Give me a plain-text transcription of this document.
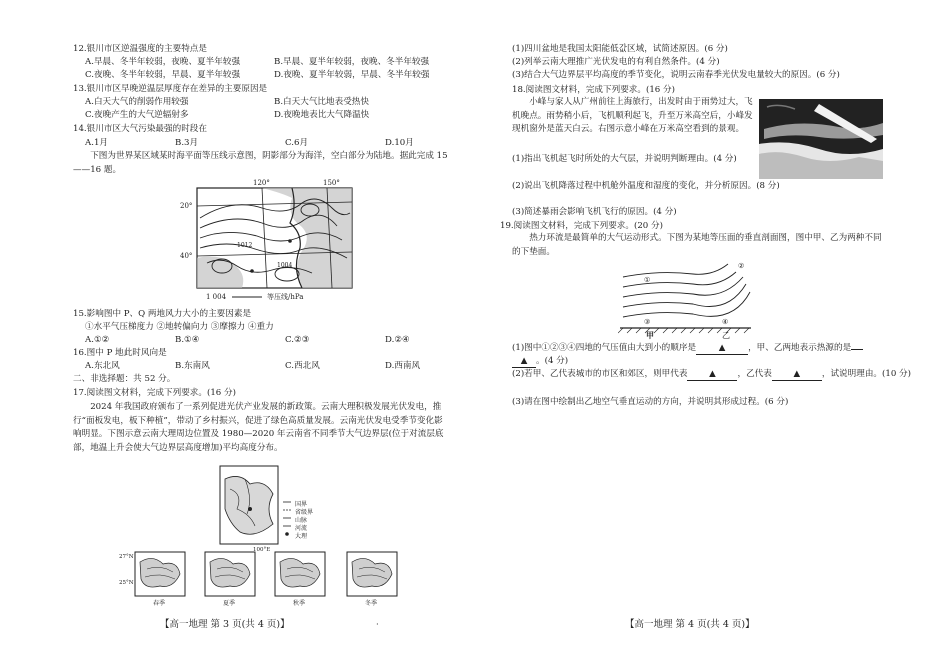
12.银川市区逆温强度的主要特点是
A.早晨、冬半年较弱，夜晚、夏半年较强	B.早晨、夏半年较弱，夜晚、冬半年较强
C.夜晚、冬半年较弱，早晨、夏半年较强	D.夜晚、夏半年较弱，早晨、冬半年较强
13.银川市区早晚逆温层厚度存在差异的主要原因是
A.白天大气的削弱作用较强	B.白天大气比地表受热快
C.夜晚产生的大气逆辐射多	D.夜晚地表比大气降温快
14.银川市区大气污染最强的时段在
A.1月	B.3月	C.6月	D.10月
下图为世界某区域某时海平面等压线示意图，阴影部分为海洋，空白部分为陆地。据此完成 15——16 题。
120°	150°
20°
40°
1012
1004
1 004	等压线/hPa
15.影响图中 P、Q 两地风力大小的主要因素是
①水平气压梯度力 ②地转偏向力 ③摩擦力 ④重力
A.①②	B.①④	C.②③	D.②④
16.图中 P 地此时风向是
A.东北风	B.东南风	C.西北风	D.西南风
二、非选择题：共 52 分。
17.阅读图文材料，完成下列要求。(16 分)
2024 年我国政府颁布了一系列促进光伏产业发展的新政策。云南大理积极发展光伏发电，推行“面板发电，板下种植”，带动了乡村振兴，促进了绿色高质量发展。云南光伏发电受季节变化影响明显。下图示意云南大理周边位置及 1980—2020 年云南省不同季节大气边界层(位于对流层底部，地温上升会使大气边界层高度增加)平均高度分布。
国界
省级界
山脉
河流
大理
100°E
27°N
25°N
春季	夏季	秋季	冬季
【高一地理 第 3 页(共 4 页)】	·
(1)四川盆地是我国太阳能低값区域，试简述原因。(6 分)
(2)列举云南大理推广光伏发电的有利自然条件。(4 分)
(3)结合大气边界层平均高度的季节变化，说明云南春季光伏发电量较大的原因。(6 分)
18.阅读图文材料，完成下列要求。(16 分)
小峰与家人从广州前往上海旅行，出发时由于雨势过大，飞机晚点。雨势稍小后，飞机顺利起飞，升至万米高空后，小峰发现机窗外是蓝天白云。右图示意小峰在万米高空看到的景观。
(1)指出飞机起飞时所处的大气层，并说明判断理由。(4 分)
(2)说出飞机降落过程中机舱外温度和湿度的变化，并分析原因。(8 分)
(3)简述暴雨会影响飞机飞行的原因。(4 分)
19.阅读图文材料，完成下列要求。(20 分)
热力环流是最简单的大气运动形式。下图为某地等压面的垂直剖面图，图中甲、乙为两种不同的下垫面。
①
②
③	④
甲	乙
(1)图中①②③④四地的气压值由大到小的顺序是	▲	，甲、乙两地表示热源的是
▲ 。(4 分)
(2)若甲、乙代表城市的市区和郊区，则甲代表	▲	，乙代表	▲	，试说明理由。(10 分)
(3)请在图中绘制出乙地空气垂直运动的方向，并说明其形成过程。(6 分)
【高一地理 第 4 页(共 4 页)】
